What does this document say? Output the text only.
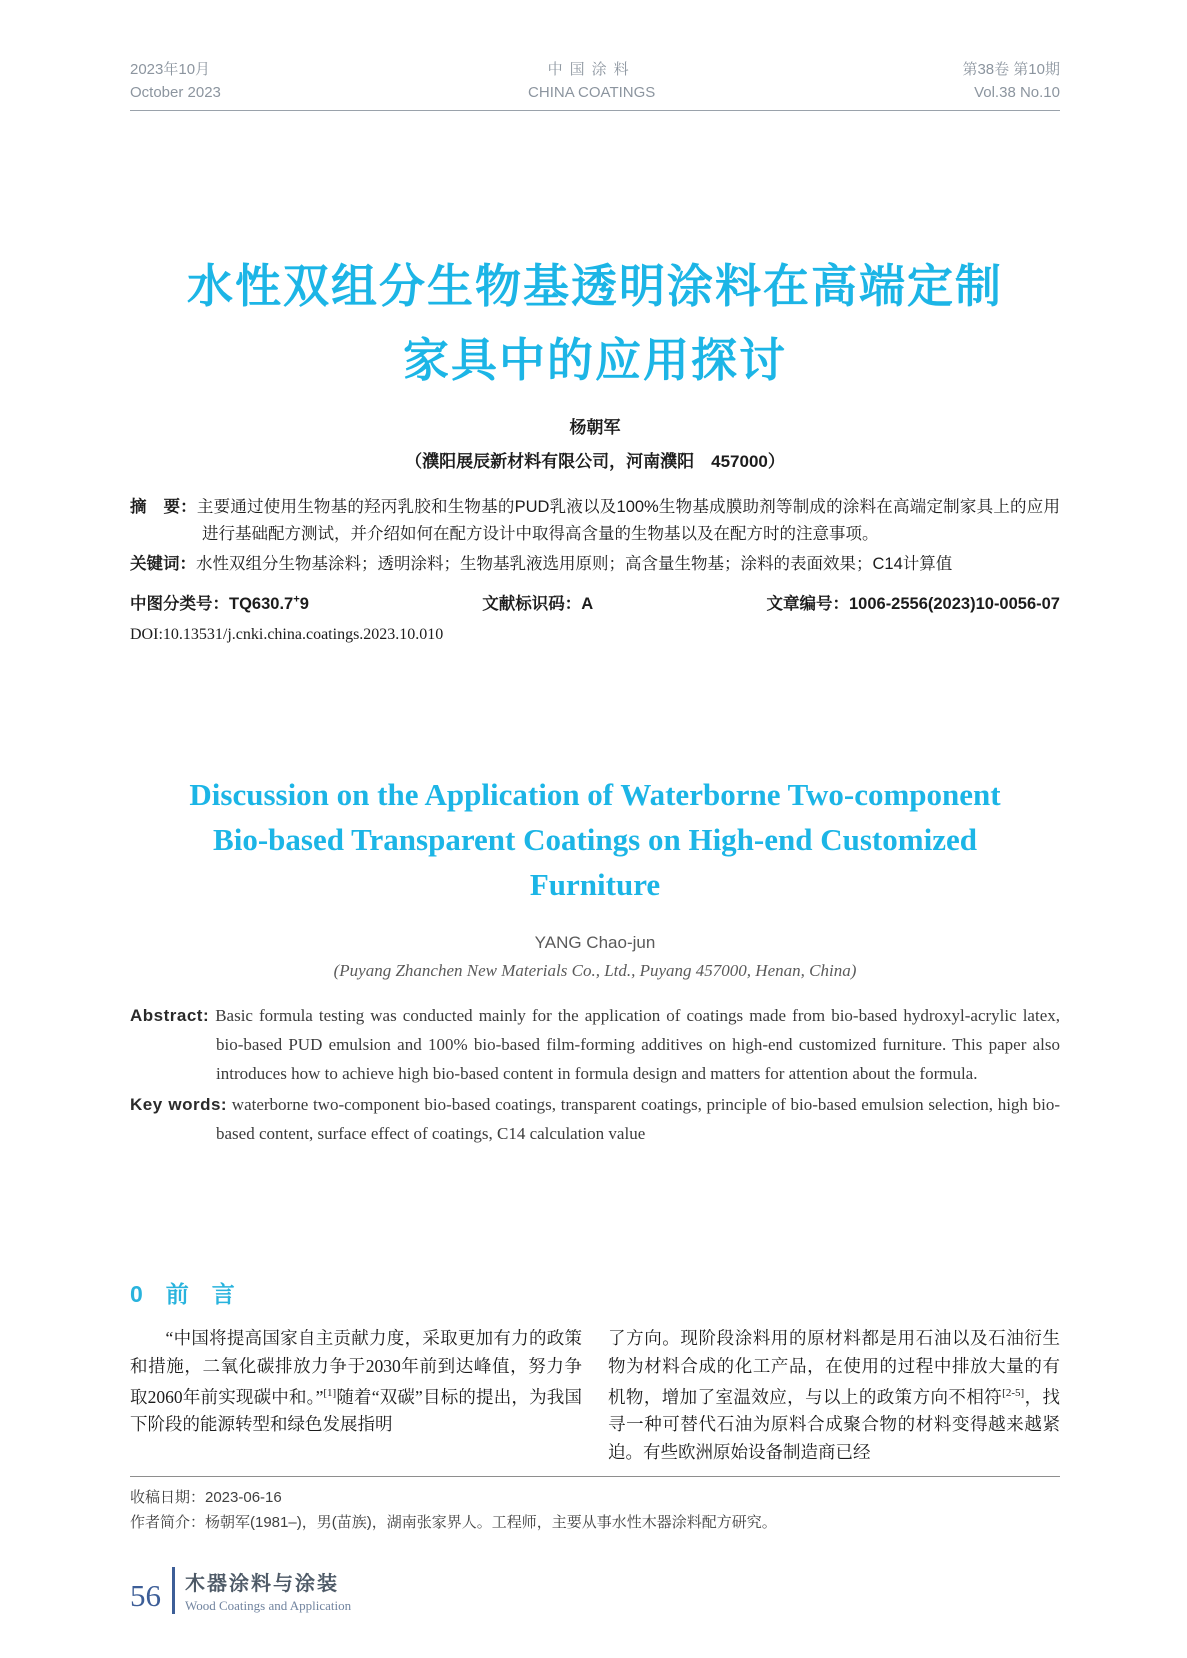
2023年10月
October 2023
中国涂料
CHINA COATINGS
第38卷 第10期
Vol.38 No.10
水性双组分生物基透明涂料在高端定制
家具中的应用探讨
杨朝军
（濮阳展辰新材料有限公司，河南濮阳　457000）
摘　要：主要通过使用生物基的羟丙乳胶和生物基的PUD乳液以及100%生物基成膜助剂等制成的涂料在高端定制家具上的应用进行基础配方测试，并介绍如何在配方设计中取得高含量的生物基以及在配方时的注意事项。
关键词：水性双组分生物基涂料；透明涂料；生物基乳液选用原则；高含量生物基；涂料的表面效果；C14计算值
中图分类号：TQ630.7+9	文献标识码：A	文章编号：1006-2556(2023)10-0056-07
DOI:10.13531/j.cnki.china.coatings.2023.10.010
Discussion on the Application of Waterborne Two-component
Bio-based Transparent Coatings on High-end Customized
Furniture
YANG Chao-jun
(Puyang Zhanchen New Materials Co., Ltd., Puyang 457000, Henan, China)
Abstract: Basic formula testing was conducted mainly for the application of coatings made from bio-based hydroxyl-acrylic latex, bio-based PUD emulsion and 100% bio-based film-forming additives on high-end customized furniture. This paper also introduces how to achieve high bio-based content in formula design and matters for attention about the formula.
Key words: waterborne two-component bio-based coatings, transparent coatings, principle of bio-based emulsion selection, high bio-based content, surface effect of coatings, C14 calculation value
0　前　言
　　“中国将提高国家自主贡献力度，采取更加有力的政策和措施，二氧化碳排放力争于2030年前到达峰值，努力争取2060年前实现碳中和。”[1]随着“双碳”目标的提出，为我国下阶段的能源转型和绿色发展指明
了方向。现阶段涂料用的原材料都是用石油以及石油衍生物为材料合成的化工产品，在使用的过程中排放大量的有机物，增加了室温效应，与以上的政策方向不相符[2-5]，找寻一种可替代石油为原料合成聚合物的材料变得越来越紧迫。有些欧洲原始设备制造商已经
收稿日期：2023-06-16
作者简介：杨朝军(1981–)，男(苗族)，湖南张家界人。工程师，主要从事水性木器涂料配方研究。
56 木器涂料与涂装
Wood Coatings and Application
